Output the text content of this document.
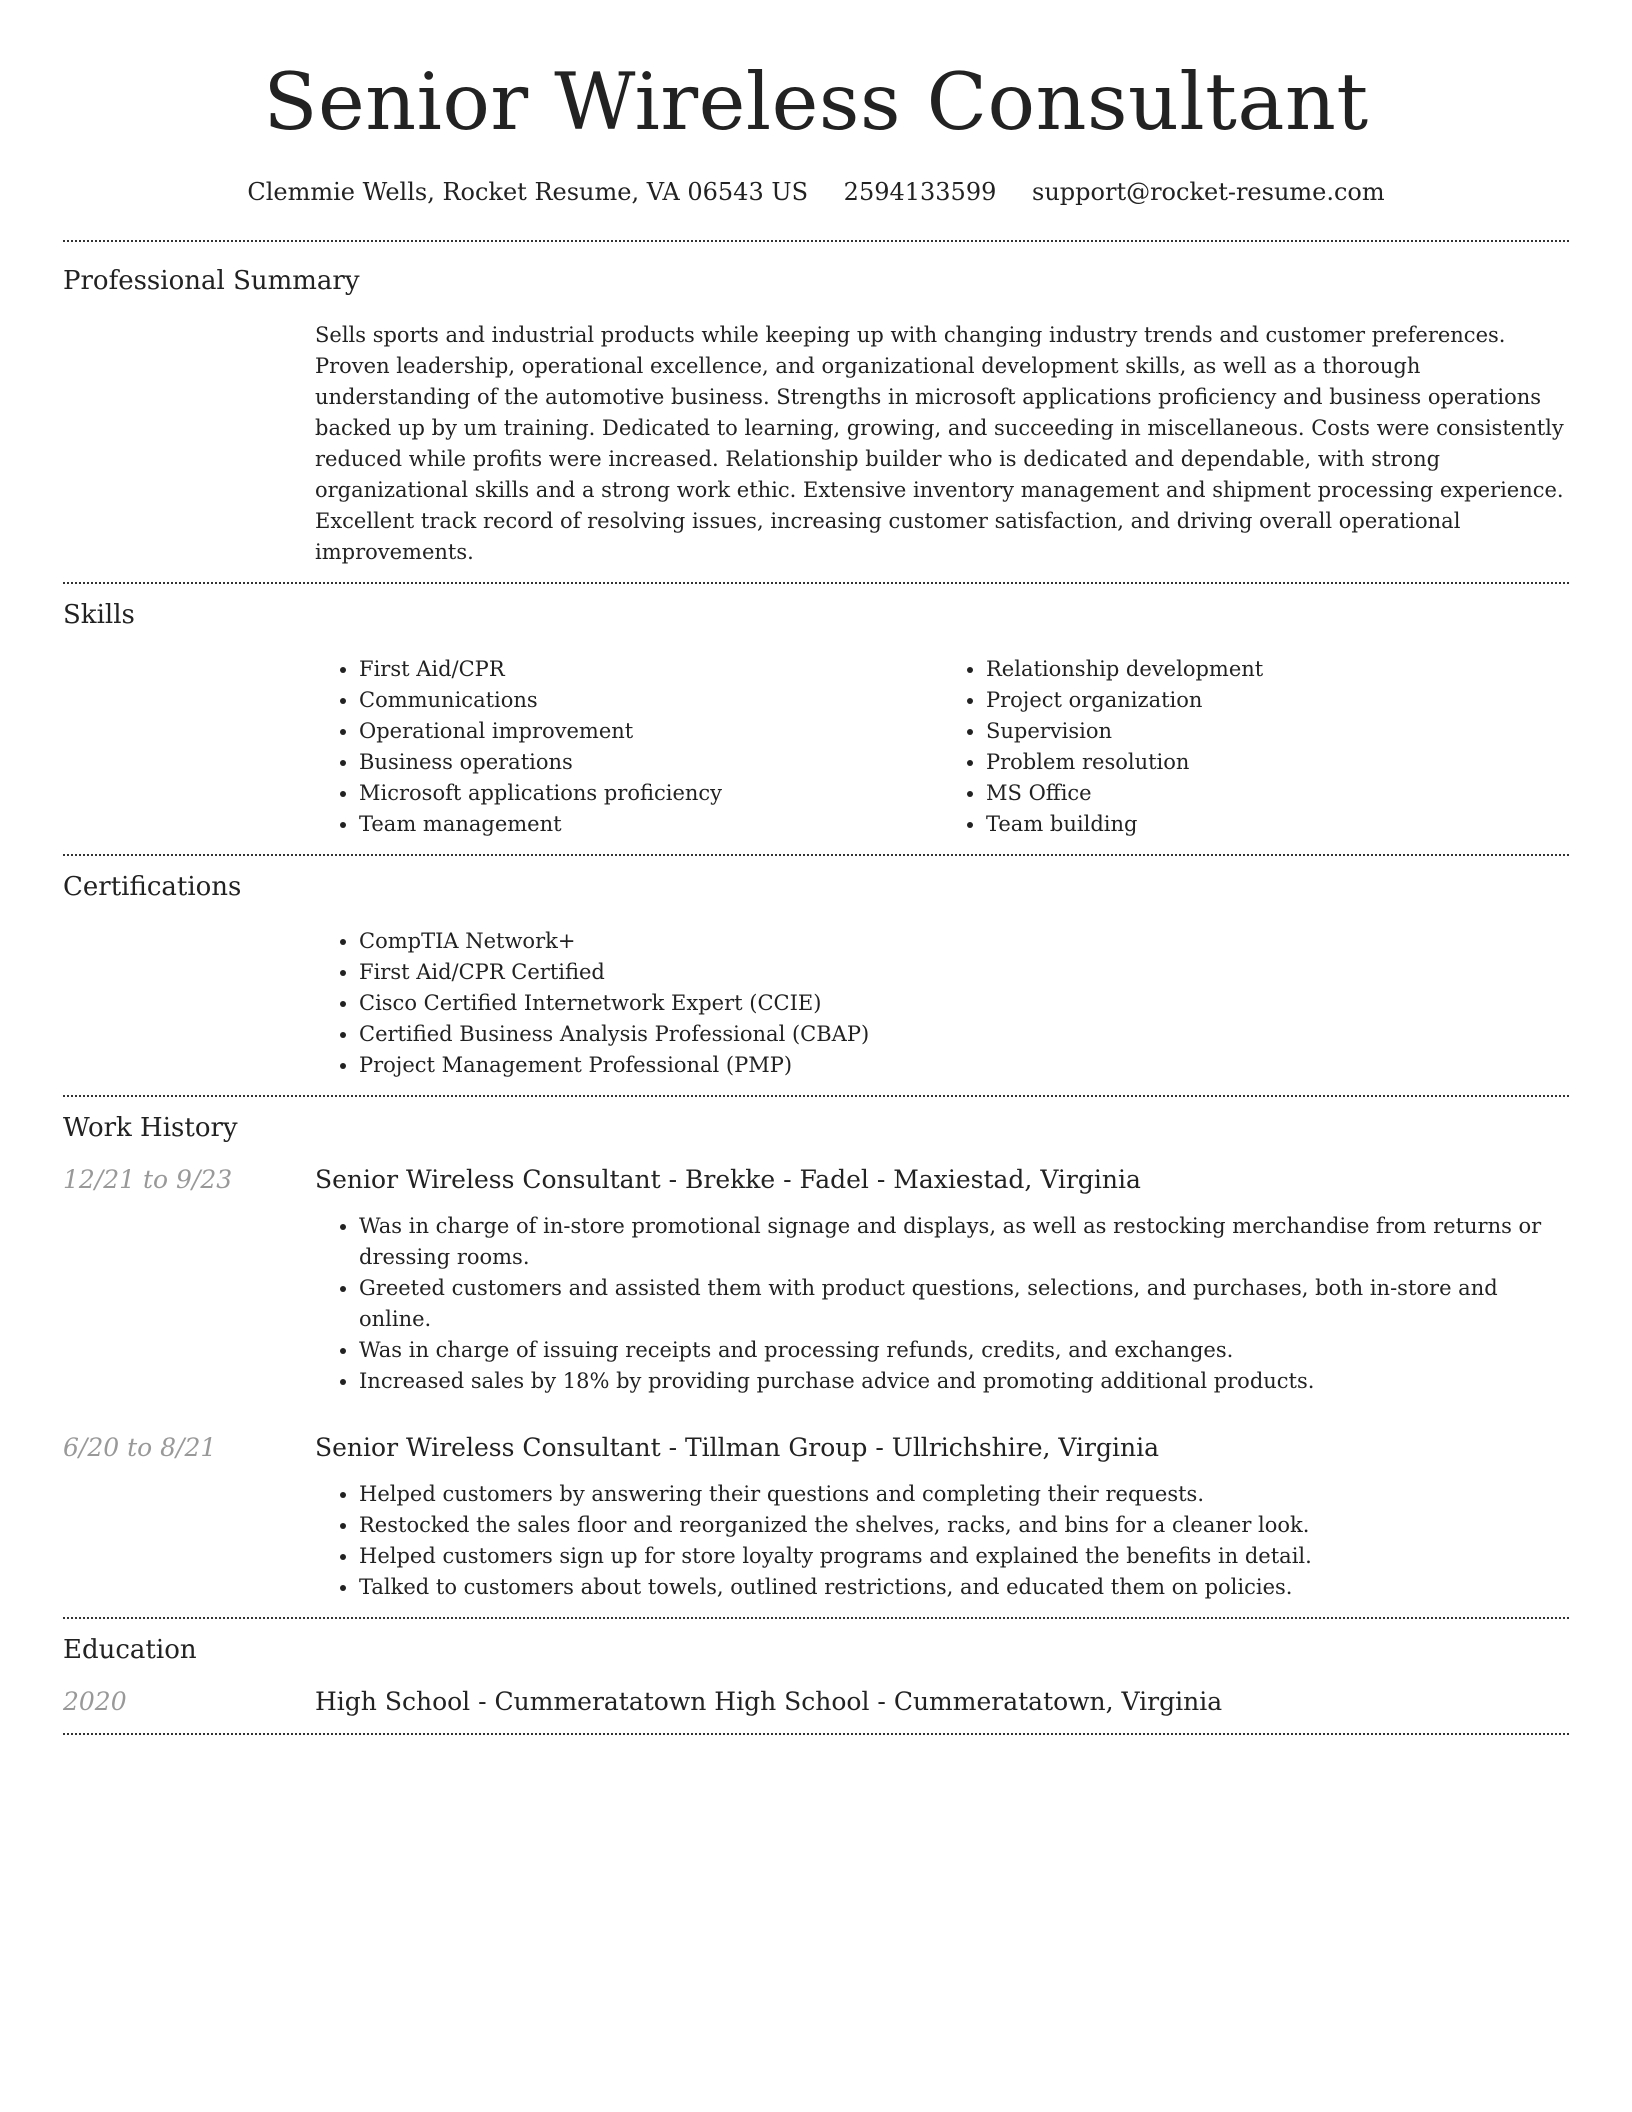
Senior Wireless Consultant
Clemmie Wells, Rocket Resume, VA 06543 US 2594133599 support@rocket-resume.com
Professional Summary

Sells sports and industrial products while keeping up with changing industry trends and customer preferences. Proven leadership, operational excellence, and organizational development skills, as well as a thorough understanding of the automotive business. Strengths in microsoft applications proficiency and business operations backed up by um training. Dedicated to learning, growing, and succeeding in miscellaneous. Costs were consistently reduced while profits were increased. Relationship builder who is dedicated and dependable, with strong organizational skills and a strong work ethic. Extensive inventory management and shipment processing experience. Excellent track record of resolving issues, increasing customer satisfaction, and driving overall operational improvements.

Skills
• First Aid/CPR
• Communications
• Operational improvement
• Business operations
• Microsoft applications proficiency
• Team management
• Relationship development
• Project organization
• Supervision
• Problem resolution
• MS Office
• Team building
Certifications
• CompTIA Network+
• First Aid/CPR Certified
• Cisco Certified Internetwork Expert (CCIE)
• Certified Business Analysis Professional (CBAP)
• Project Management Professional (PMP)
Work History
12/21 to 9/23	Senior Wireless Consultant - Brekke - Fadel - Maxiestad, Virginia
• Was in charge of in-store promotional signage and displays, as well as restocking merchandise from returns or dressing rooms.
• Greeted customers and assisted them with product questions, selections, and purchases, both in-store and online.
• Was in charge of issuing receipts and processing refunds, credits, and exchanges.
• Increased sales by 18% by providing purchase advice and promoting additional products.
6/20 to 8/21	Senior Wireless Consultant - Tillman Group - Ullrichshire, Virginia
• Helped customers by answering their questions and completing their requests.
• Restocked the sales floor and reorganized the shelves, racks, and bins for a cleaner look.
• Helped customers sign up for store loyalty programs and explained the benefits in detail.
• Talked to customers about towels, outlined restrictions, and educated them on policies.
Education
2020	High School - Cummeratatown High School - Cummeratatown, Virginia
